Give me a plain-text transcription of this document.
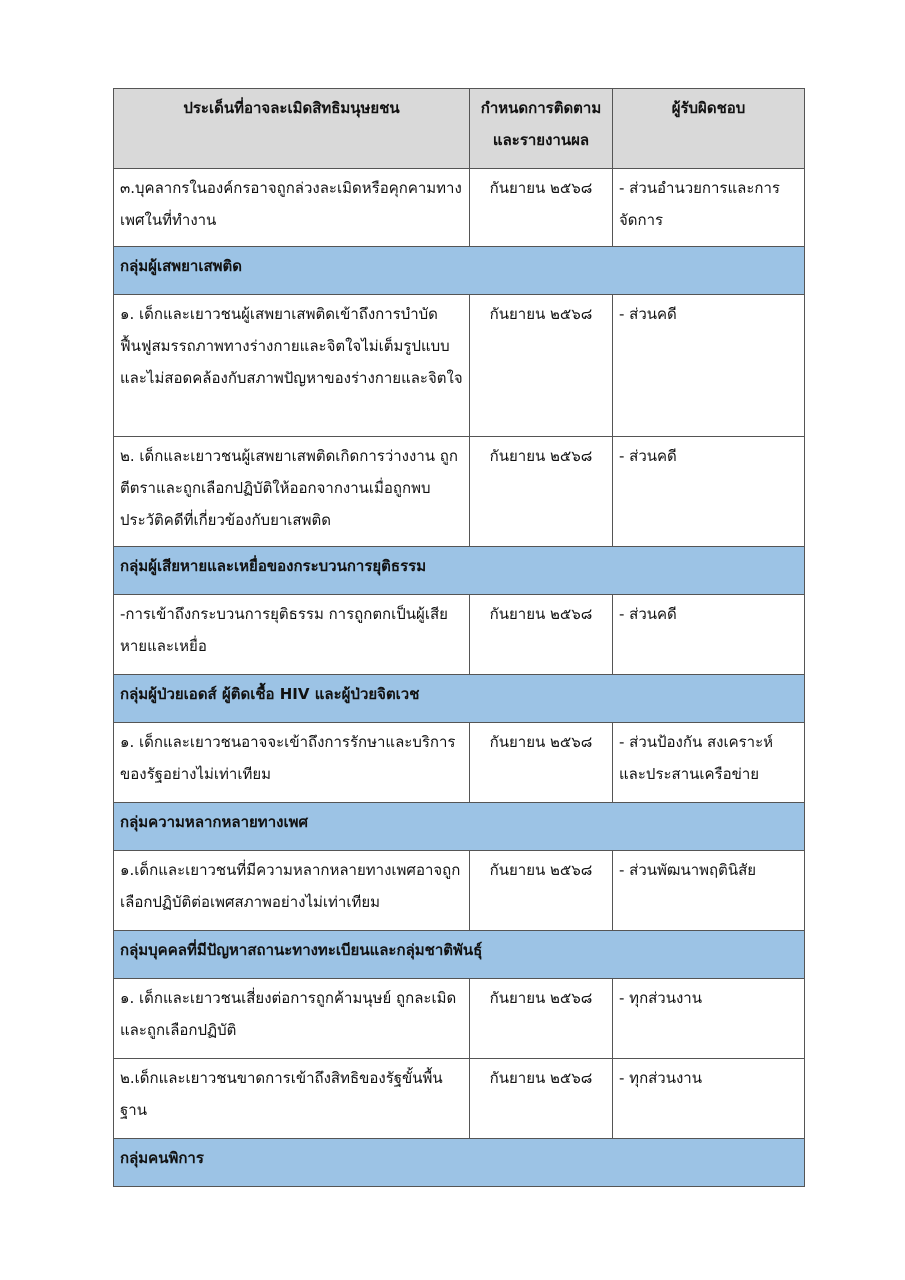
ประเด็นที่อาจละเมิดสิทธิมนุษยชน	กำหนดการติดตามและรายงานผล	ผู้รับผิดชอบ
๓.บุคลากรในองค์กรอาจถูกล่วงละเมิดหรือคุกคามทางเพศในที่ทำงาน	กันยายน ๒๕๖๘	- ส่วนอำนวยการและการจัดการ
กลุ่มผู้เสพยาเสพติด		
๑. เด็กและเยาวชนผู้เสพยาเสพติดเข้าถึงการบำบัดฟื้นฟูสมรรถภาพทางร่างกายและจิตใจไม่เต็มรูปแบบและไม่สอดคล้องกับสภาพปัญหาของร่างกายและจิตใจ	กันยายน ๒๕๖๘	- ส่วนคดี
๒. เด็กและเยาวชนผู้เสพยาเสพติดเกิดการว่างงาน ถูกตีตราและถูกเลือกปฏิบัติให้ออกจากงานเมื่อถูกพบประวัติคดีที่เกี่ยวข้องกับยาเสพติด	กันยายน ๒๕๖๘	- ส่วนคดี
กลุ่มผู้เสียหายและเหยื่อของกระบวนการยุติธรรม		
-การเข้าถึงกระบวนการยุติธรรม การถูกตกเป็นผู้เสียหายและเหยื่อ	กันยายน ๒๕๖๘	- ส่วนคดี
กลุ่มผู้ป่วยเอดส์ ผู้ติดเชื้อ HIV และผู้ป่วยจิตเวช		
๑. เด็กและเยาวชนอาจจะเข้าถึงการรักษาและบริการของรัฐอย่างไม่เท่าเทียม	กันยายน ๒๕๖๘	- ส่วนป้องกัน สงเคราะห์และประสานเครือข่าย
กลุ่มความหลากหลายทางเพศ		
๑.เด็กและเยาวชนที่มีความหลากหลายทางเพศอาจถูกเลือกปฏิบัติต่อเพศสภาพอย่างไม่เท่าเทียม	กันยายน ๒๕๖๘	- ส่วนพัฒนาพฤตินิสัย
กลุ่มบุคคลที่มีปัญหาสถานะทางทะเบียนและกลุ่มชาติพันธุ์		
๑. เด็กและเยาวชนเสี่ยงต่อการถูกค้ามนุษย์ ถูกละเมิดและถูกเลือกปฏิบัติ	กันยายน ๒๕๖๘	- ทุกส่วนงาน
๒.เด็กและเยาวชนขาดการเข้าถึงสิทธิของรัฐขั้นพื้นฐาน	กันยายน ๒๕๖๘	- ทุกส่วนงาน
กลุ่มคนพิการ		
